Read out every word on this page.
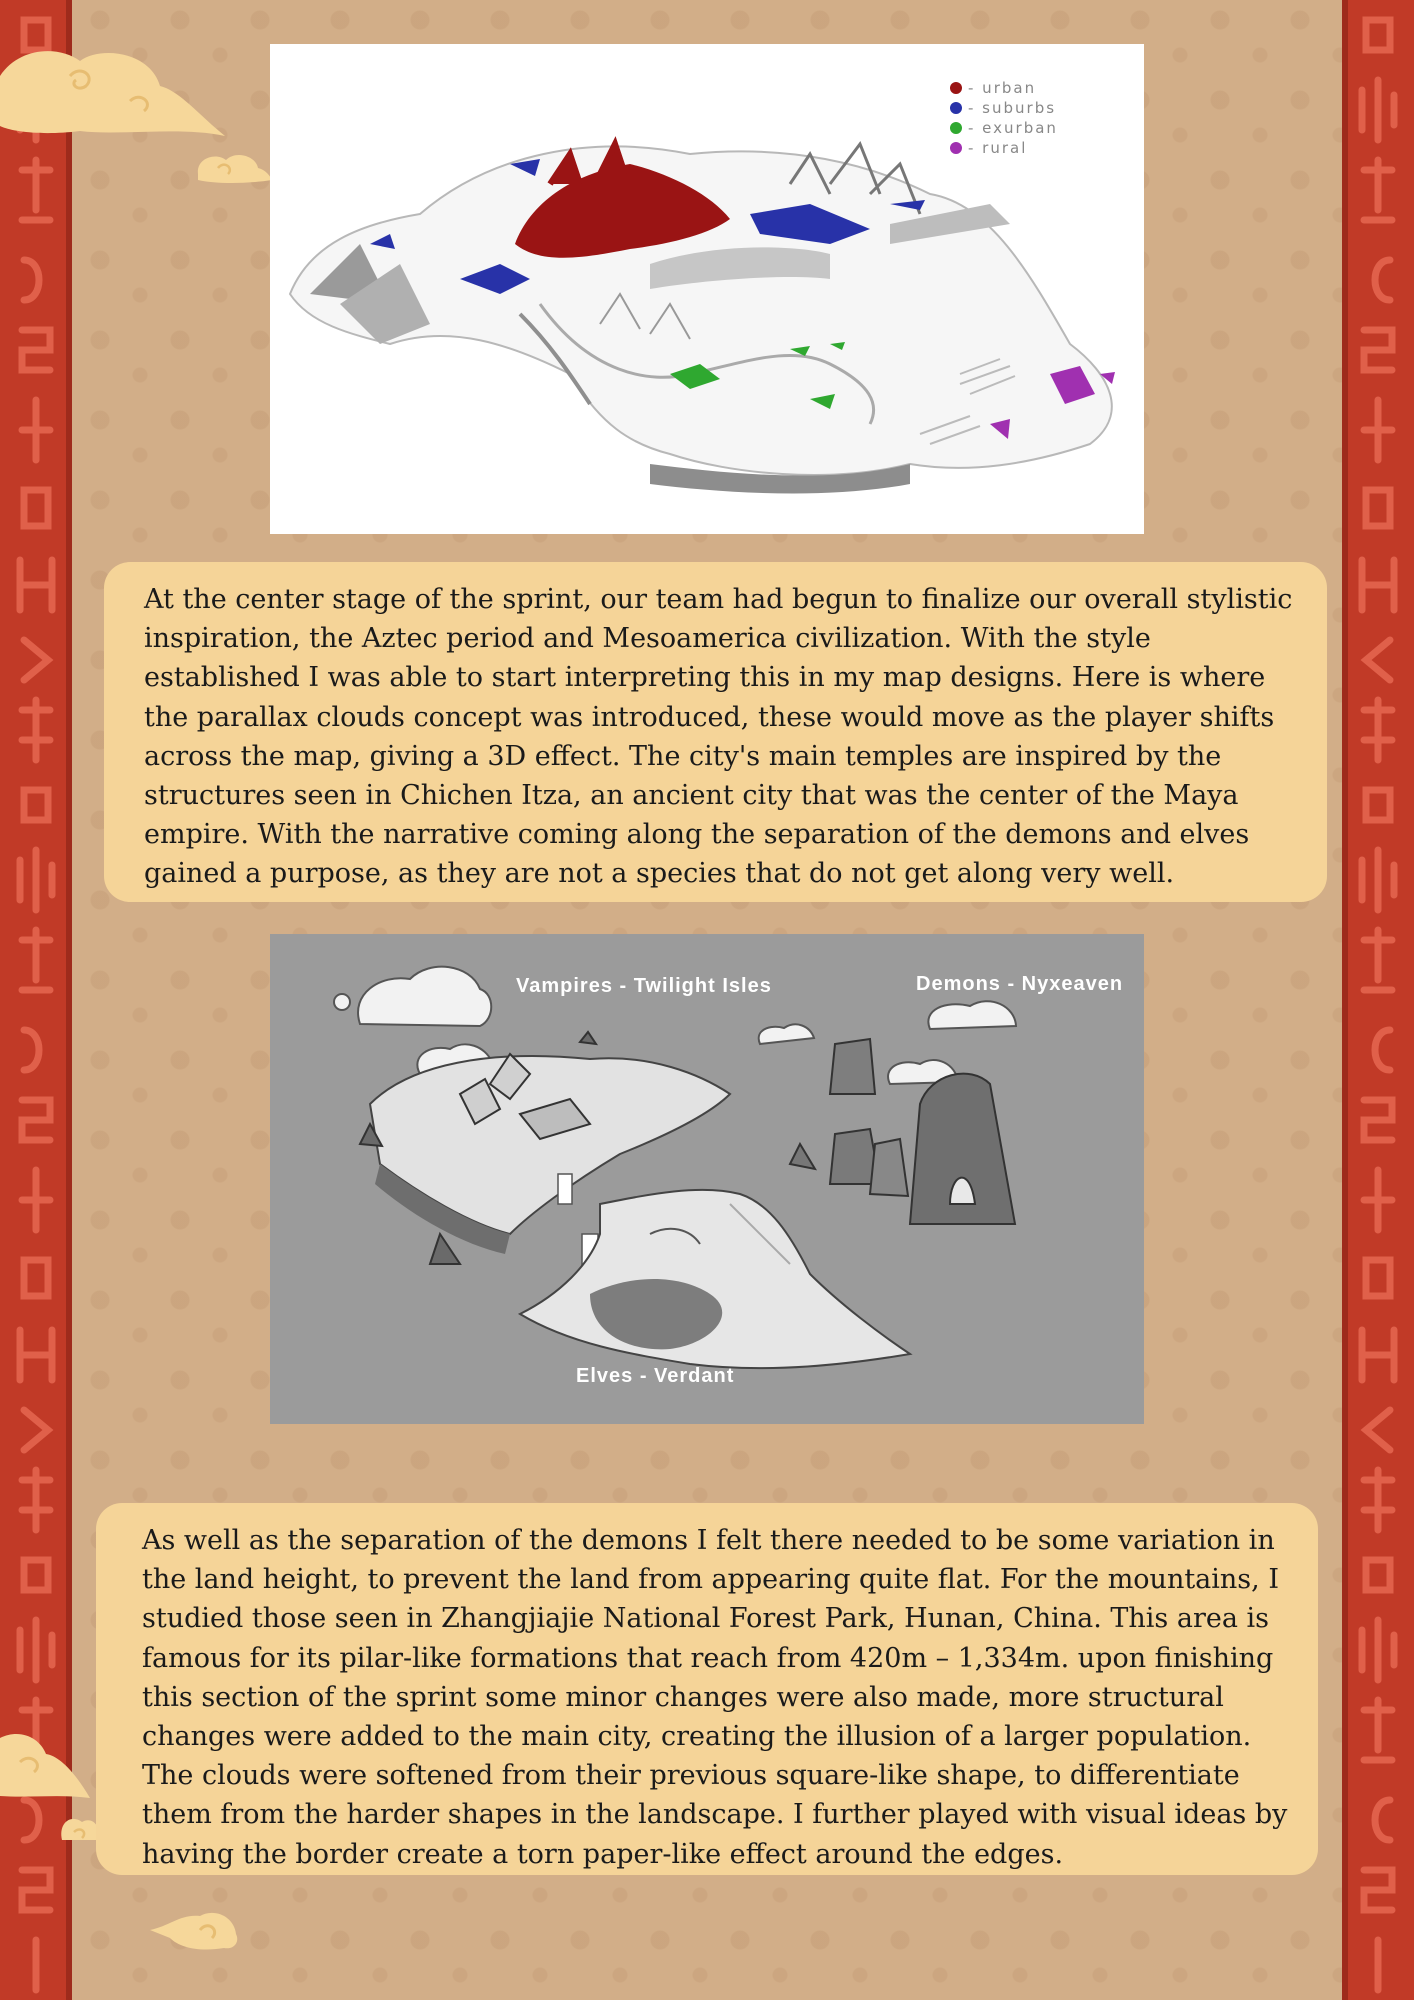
- urban
- suburbs
- exurban
- rural
At the center stage of the sprint, our team had begun to finalize our overall stylistic inspiration, the Aztec period and Mesoamerica civilization. With the style established I was able to start interpreting this in my map designs. Here is where the parallax clouds concept was introduced, these would move as the player shifts across the map, giving a 3D effect. The city's main temples are inspired by the structures seen in Chichen Itza, an ancient city that was the center of the Maya empire. With the narrative coming along the separation of the demons and elves gained a purpose, as they are not a species that do not get along very well.
Vampires - Twilight Isles	Demons - Nyxeaven
Elves - Verdant
As well as the separation of the demons I felt there needed to be some variation in the land height, to prevent the land from appearing quite flat. For the mountains, I studied those seen in Zhangjiajie National Forest Park, Hunan, China. This area is famous for its pilar-like formations that reach from 420m – 1,334m. upon finishing this section of the sprint some minor changes were also made, more structural changes were added to the main city, creating the illusion of a larger population. The clouds were softened from their previous square-like shape, to differentiate them from the harder shapes in the landscape. I further played with visual ideas by having the border create a torn paper-like effect around the edges.
